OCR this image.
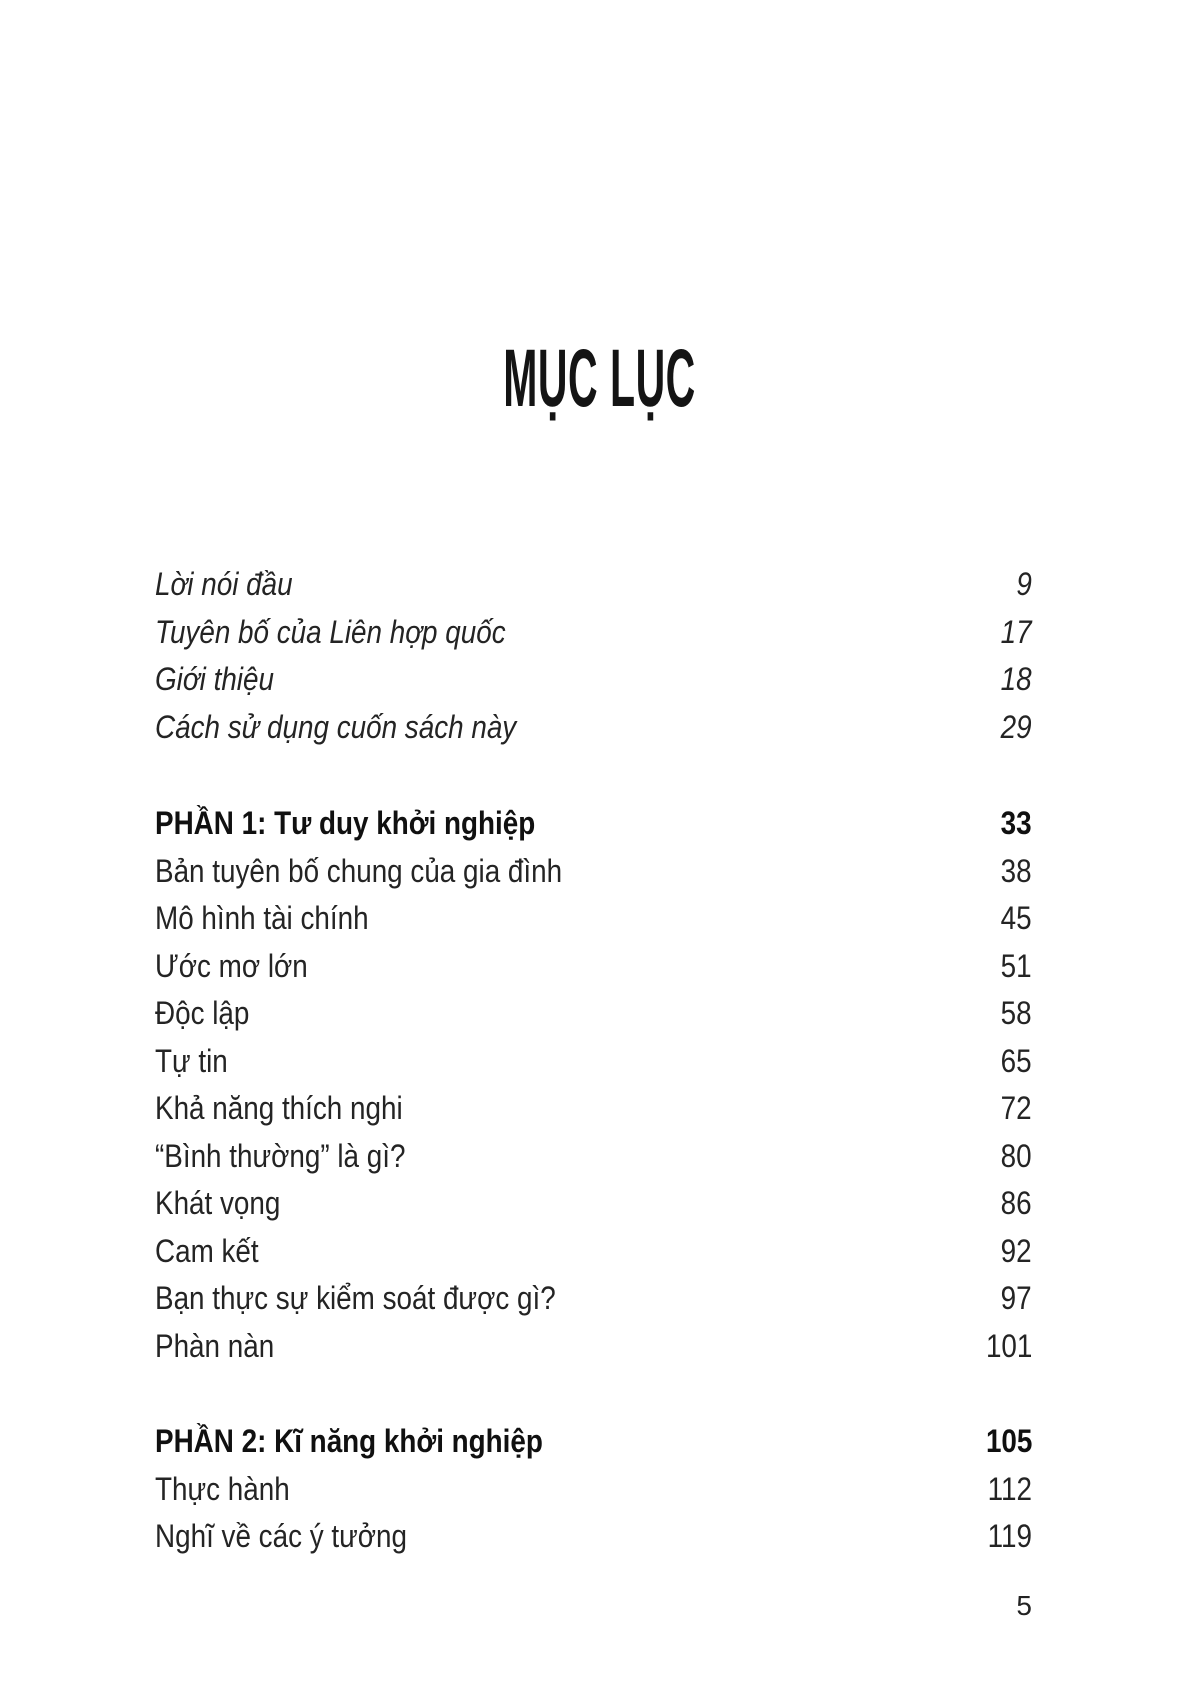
MỤC LỤC
Lời nói đầu	9
Tuyên bố của Liên hợp quốc	17
Giới thiệu	18
Cách sử dụng cuốn sách này	29
PHẦN 1: Tư duy khởi nghiệp	33
Bản tuyên bố chung của gia đình	38
Mô hình tài chính	45
Ước mơ lớn	51
Độc lập	58
Tự tin	65
Khả năng thích nghi	72
“Bình thường” là gì?	80
Khát vọng	86
Cam kết	92
Bạn thực sự kiểm soát được gì?	97
Phàn nàn	101
PHẦN 2: Kĩ năng khởi nghiệp	105
Thực hành	112
Nghĩ về các ý tưởng	119
5
